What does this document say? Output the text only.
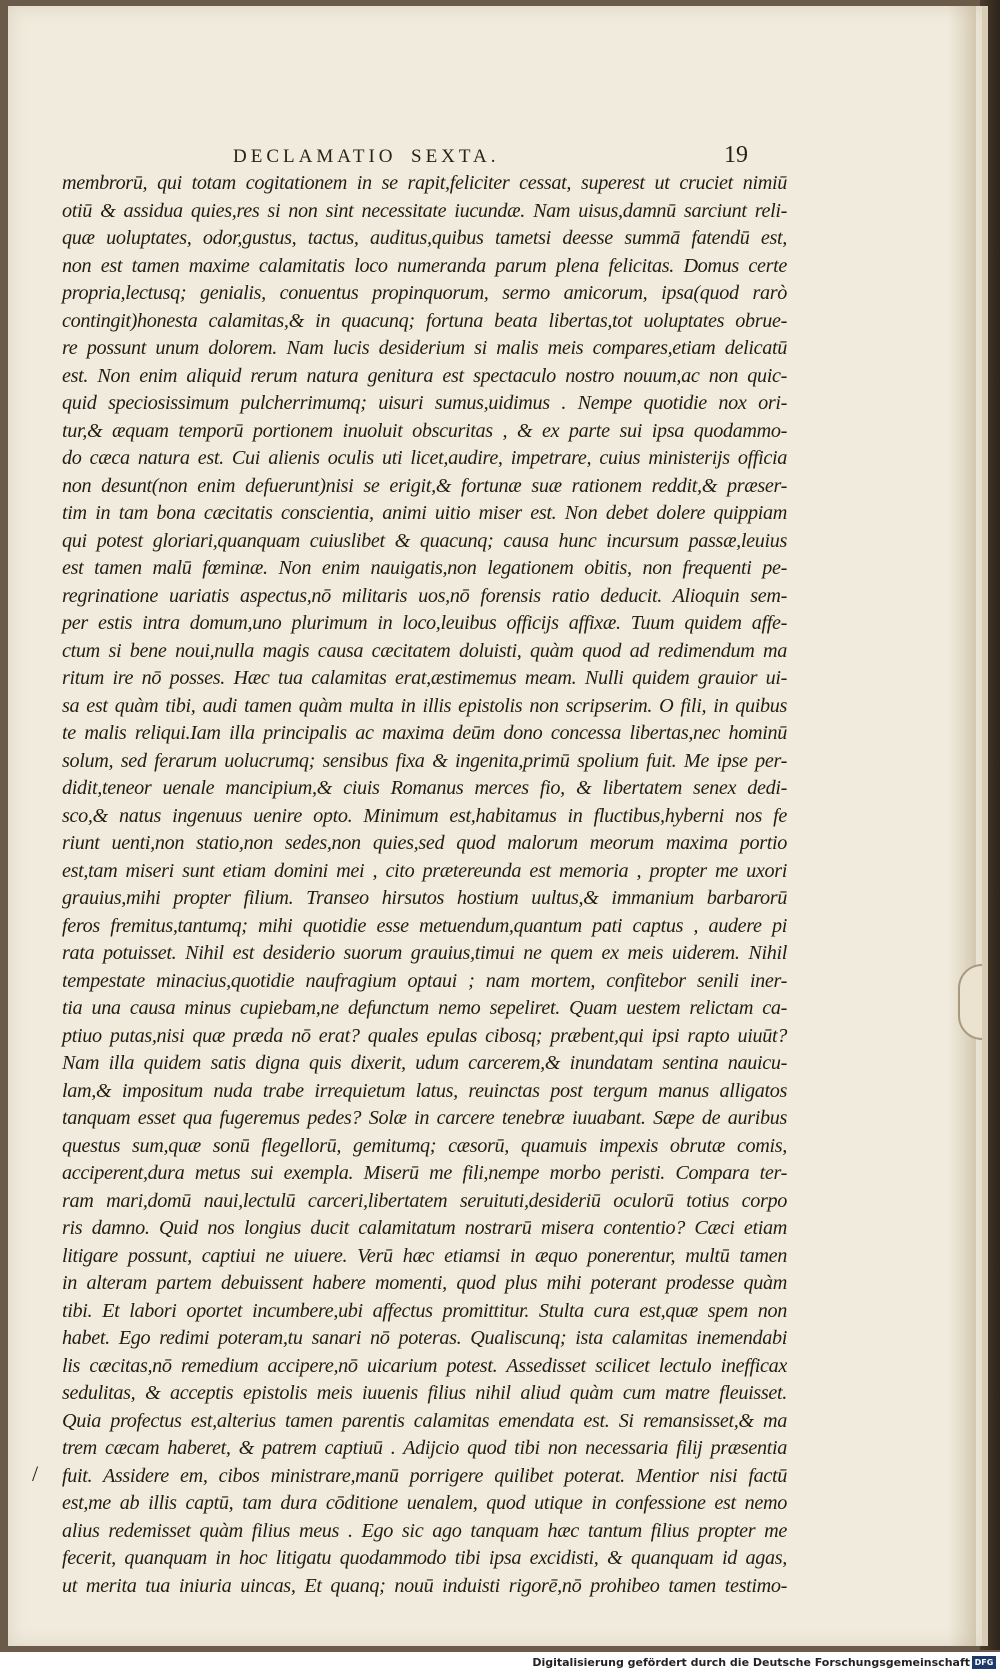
DECLAMATIO SEXTA.	19
membrorū, qui totam cogitationem in se rapit,feliciter cessat, superest ut cruciet nimiū
otiū & assidua quies,res si non sint necessitate iucundæ. Nam uisus,damnū sarciunt reli-
quæ uoluptates, odor,gustus, tactus, auditus,quibus tametsi deesse summā fatendū est,
non est tamen maxime calamitatis loco numeranda parum plena felicitas. Domus certe
propria,lectusq; genialis, conuentus propinquorum, sermo amicorum, ipsa(quod rarò
contingit)honesta calamitas,& in quacunq; fortuna beata libertas,tot uoluptates obrue-
re possunt unum dolorem. Nam lucis desiderium si malis meis compares,etiam delicatū
est. Non enim aliquid rerum natura genitura est spectaculo nostro nouum,ac non quic-
quid speciosissimum pulcherrimumq; uisuri sumus,uidimus . Nempe quotidie nox ori-
tur,& æquam temporū portionem inuoluit obscuritas , & ex parte sui ipsa quodammo-
do cæca natura est. Cui alienis oculis uti licet,audire, impetrare, cuius ministerijs officia
non desunt(non enim defuerunt)nisi se erigit,& fortunæ suæ rationem reddit,& præser-
tim in tam bona cæcitatis conscientia, animi uitio miser est. Non debet dolere quippiam
qui potest gloriari,quanquam cuiuslibet & quacunq; causa hunc incursum passæ,leuius
est tamen malū fœminæ. Non enim nauigatis,non legationem obitis, non frequenti pe-
regrinatione uariatis aspectus,nō militaris uos,nō forensis ratio deducit. Alioquin sem-
per estis intra domum,uno plurimum in loco,leuibus officijs affixæ. Tuum quidem affe-
ctum si bene noui,nulla magis causa cæcitatem doluisti, quàm quod ad redimendum ma
ritum ire nō posses. Hæc tua calamitas erat,æstimemus meam. Nulli quidem grauior ui-
sa est quàm tibi, audi tamen quàm multa in illis epistolis non scripserim. O fili, in quibus
te malis reliqui.Iam illa principalis ac maxima deūm dono concessa libertas,nec hominū
solum, sed ferarum uolucrumq; sensibus fixa & ingenita,primū spolium fuit. Me ipse per-
didit,teneor uenale mancipium,& ciuis Romanus merces fio, & libertatem senex dedi-
sco,& natus ingenuus uenire opto. Minimum est,habitamus in fluctibus,hyberni nos fe
riunt uenti,non statio,non sedes,non quies,sed quod malorum meorum maxima portio
est,tam miseri sunt etiam domini mei , cito prætereunda est memoria , propter me uxori
grauius,mihi propter filium. Transeo hirsutos hostium uultus,& immanium barbarorū
feros fremitus,tantumq; mihi quotidie esse metuendum,quantum pati captus , audere pi
rata potuisset. Nihil est desiderio suorum grauius,timui ne quem ex meis uiderem. Nihil
tempestate minacius,quotidie naufragium optaui ; nam mortem, confitebor senili iner-
tia una causa minus cupiebam,ne defunctum nemo sepeliret. Quam uestem relictam ca-
ptiuo putas,nisi quæ præda nō erat? quales epulas cibosq; præbent,qui ipsi rapto uiuūt?
Nam illa quidem satis digna quis dixerit, udum carcerem,& inundatam sentina nauicu-
lam,& impositum nuda trabe irrequietum latus, reuinctas post tergum manus alligatos
tanquam esset qua fugeremus pedes? Solæ in carcere tenebræ iuuabant. Sæpe de auribus
questus sum,quæ sonū flegellorū, gemitumq; cæsorū, quamuis impexis obrutæ comis,
acciperent,dura metus sui exempla. Miserū me fili,nempe morbo peristi. Compara ter-
ram mari,domū naui,lectulū carceri,libertatem seruituti,desideriū oculorū totius corpo
ris damno. Quid nos longius ducit calamitatum nostrarū misera contentio? Cæci etiam
litigare possunt, captiui ne uiuere. Verū hæc etiamsi in æquo ponerentur, multū tamen
in alteram partem debuissent habere momenti, quod plus mihi poterant prodesse quàm
tibi. Et labori oportet incumbere,ubi affectus promittitur. Stulta cura est,quæ spem non
habet. Ego redimi poteram,tu sanari nō poteras. Qualiscunq; ista calamitas inemendabi
lis cæcitas,nō remedium accipere,nō uicarium potest. Assedisset scilicet lectulo inefficax
sedulitas, & acceptis epistolis meis iuuenis filius nihil aliud quàm cum matre fleuisset.
Quia profectus est,alterius tamen parentis calamitas emendata est. Si remansisset,& ma
trem cæcam haberet, & patrem captiuū . Adijcio quod tibi non necessaria filij præsentia
fuit. Assidere em, cibos ministrare,manū porrigere quilibet poterat. Mentior nisi factū
est,me ab illis captū, tam dura cōditione uenalem, quod utique in confessione est nemo
alius redemisset quàm filius meus . Ego sic ago tanquam hæc tantum filius propter me
fecerit, quanquam in hoc litigatu quodammodo tibi ipsa excidisti, & quanquam id agas,
ut merita tua iniuria uincas, Et quanq; nouū induisti rigorē,nō prohibeo tamen testimo-
/
Digitalisierung gefördert durch die Deutsche Forschungsgemeinschaft DFG
